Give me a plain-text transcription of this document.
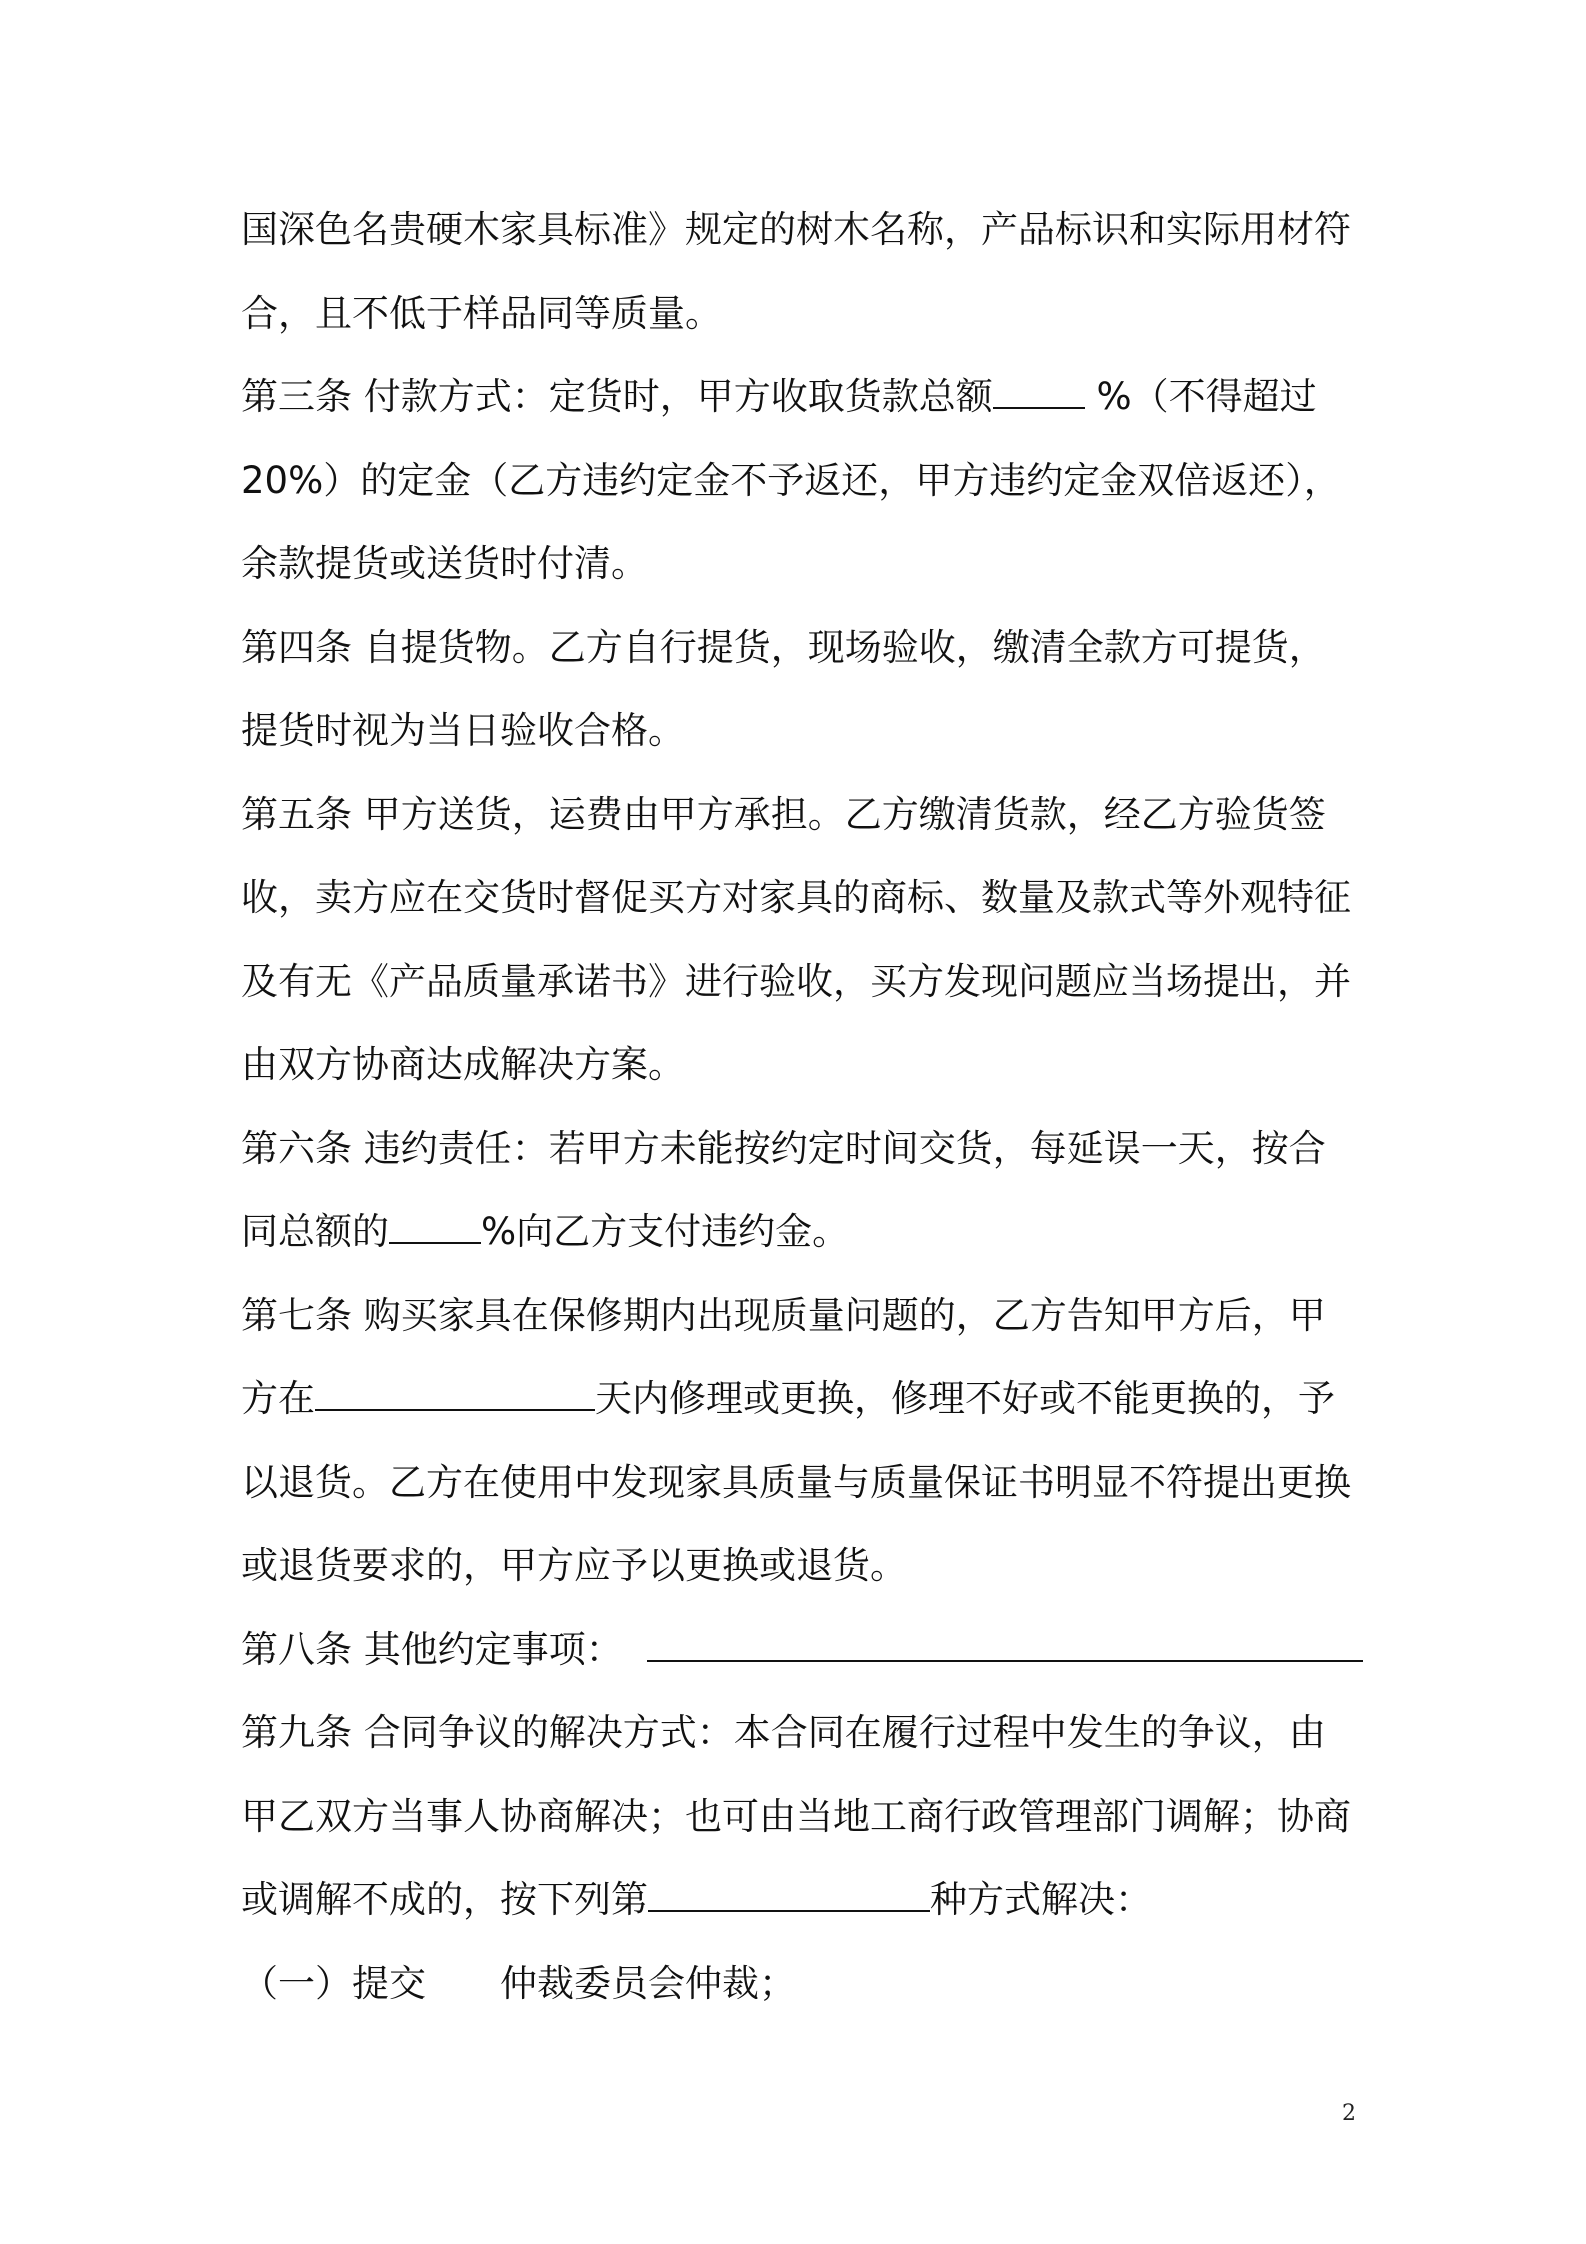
国深色名贵硬木家具标准》规定的树木名称，产品标识和实际用材符
合，且不低于样品同等质量。
第三条 付款方式：定货时，甲方收取货款总额 %（不得超过
20%）的定金（乙方违约定金不予返还，甲方违约定金双倍返还），
余款提货或送货时付清。
第四条 自提货物。乙方自行提货，现场验收，缴清全款方可提货，
提货时视为当日验收合格。
第五条 甲方送货，运费由甲方承担。乙方缴清货款，经乙方验货签
收，卖方应在交货时督促买方对家具的商标、数量及款式等外观特征
及有无《产品质量承诺书》进行验收，买方发现问题应当场提出，并
由双方协商达成解决方案。
第六条 违约责任：若甲方未能按约定时间交货，每延误一天，按合
同总额的 %向乙方支付违约金。
第七条 购买家具在保修期内出现质量问题的，乙方告知甲方后，甲
方在	天内修理或更换，修理不好或不能更换的，予
以退货。乙方在使用中发现家具质量与质量保证书明显不符提出更换
或退货要求的，甲方应予以更换或退货。
第八条 其他约定事项：
第九条 合同争议的解决方式：本合同在履行过程中发生的争议，由
甲乙双方当事人协商解决；也可由当地工商行政管理部门调解；协商
或调解不成的，按下列第	种方式解决：
（一）提交 仲裁委员会仲裁；
2
